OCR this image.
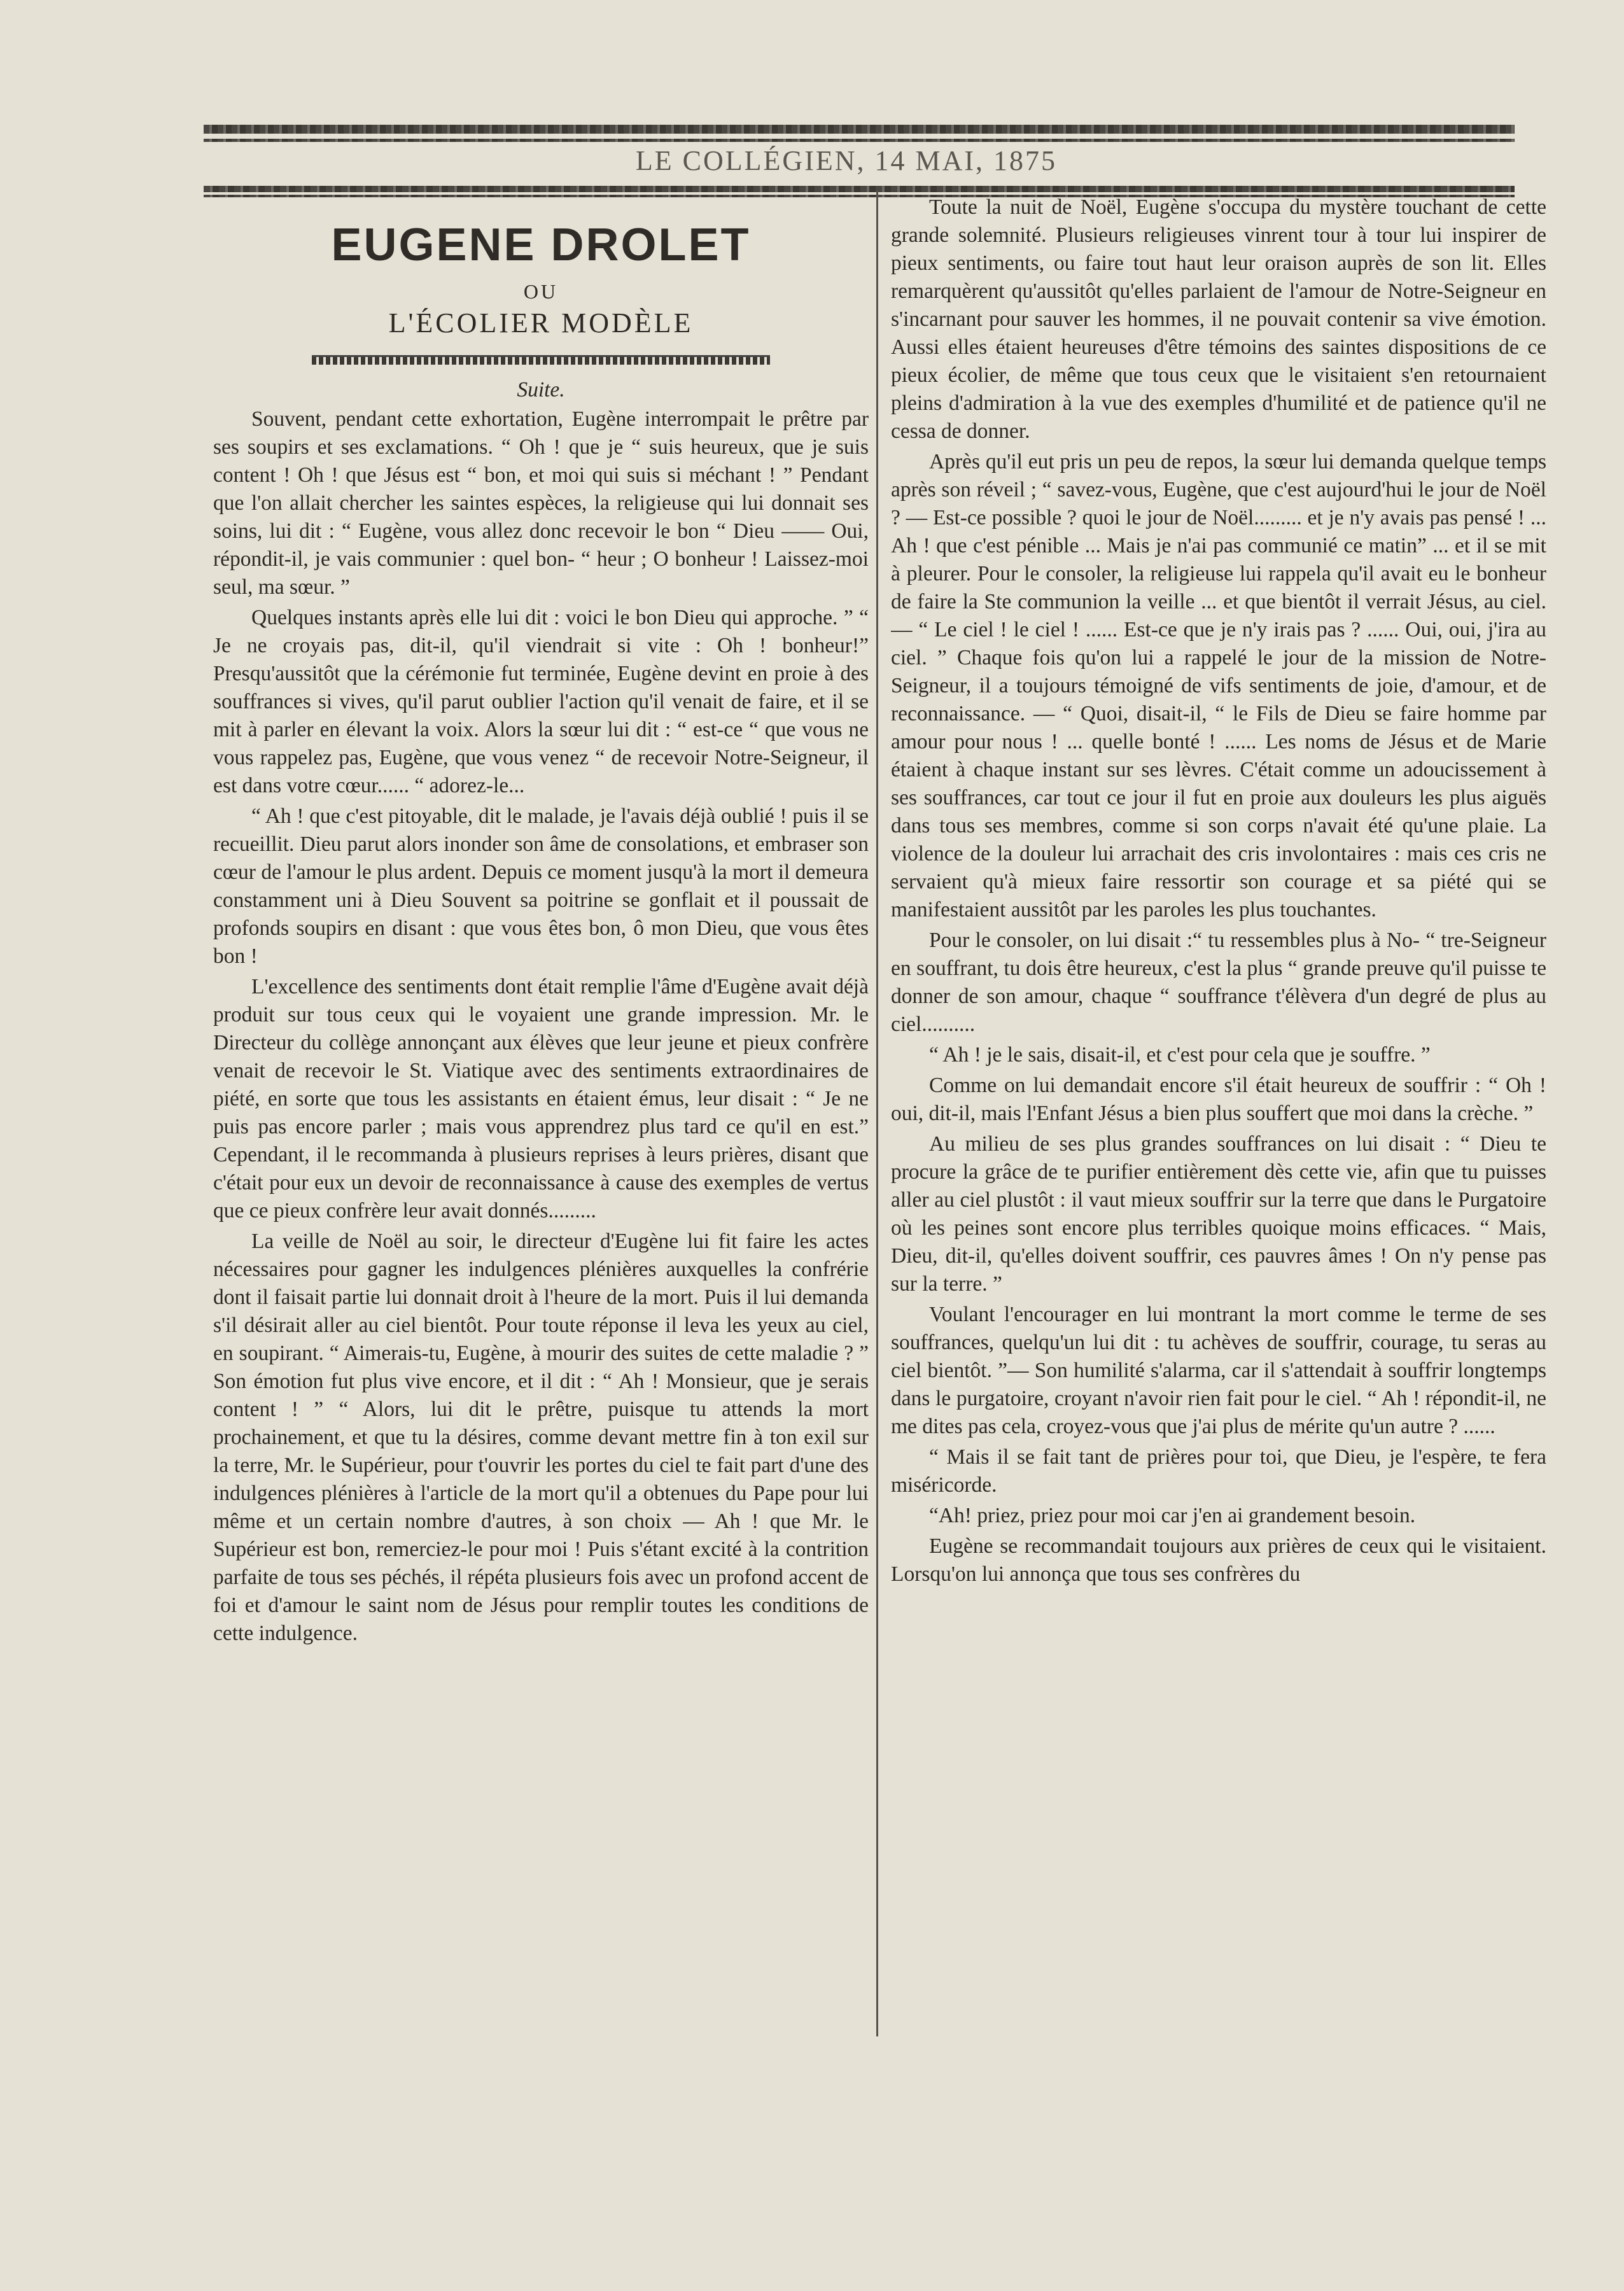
LE COLLÉGIEN, 14 MAI, 1875
EUGENE DROLET
OU
L'ÉCOLIER MODÈLE
Suite.
Souvent, pendant cette exhortation, Eugène interrompait le prêtre par ses soupirs et ses exclamations. “ Oh ! que je “ suis heureux, que je suis content ! Oh ! que Jésus est “ bon, et moi qui suis si méchant ! ” Pendant que l'on allait chercher les saintes espèces, la religieuse qui lui donnait ses soins, lui dit : “ Eugène, vous allez donc recevoir le bon “ Dieu —— Oui, répondit-il, je vais communier : quel bon- “ heur ; O bonheur ! Laissez-moi seul, ma sœur. ”
Quelques instants après elle lui dit : voici le bon Dieu qui approche. ” “ Je ne croyais pas, dit-il, qu'il viendrait si vite : Oh ! bonheur!” Presqu'aussitôt que la cérémonie fut terminée, Eugène devint en proie à des souffrances si vives, qu'il parut oublier l'action qu'il venait de faire, et il se mit à parler en élevant la voix. Alors la sœur lui dit : “ est-ce “ que vous ne vous rappelez pas, Eugène, que vous venez “ de recevoir Notre-Seigneur, il est dans votre cœur...... “ adorez-le...
“ Ah ! que c'est pitoyable, dit le malade, je l'avais déjà oublié ! puis il se recueillit. Dieu parut alors inonder son âme de consolations, et embraser son cœur de l'amour le plus ardent. Depuis ce moment jusqu'à la mort il demeura constamment uni à Dieu Souvent sa poitrine se gonflait et il poussait de profonds soupirs en disant : que vous êtes bon, ô mon Dieu, que vous êtes bon !
L'excellence des sentiments dont était remplie l'âme d'Eugène avait déjà produit sur tous ceux qui le voyaient une grande impression. Mr. le Directeur du collège annonçant aux élèves que leur jeune et pieux confrère venait de recevoir le St. Viatique avec des sentiments extraordinaires de piété, en sorte que tous les assistants en étaient émus, leur disait : “ Je ne puis pas encore parler ; mais vous apprendrez plus tard ce qu'il en est.” Cependant, il le recommanda à plusieurs reprises à leurs prières, disant que c'était pour eux un devoir de reconnaissance à cause des exemples de vertus que ce pieux confrère leur avait donnés.........
La veille de Noël au soir, le directeur d'Eugène lui fit faire les actes nécessaires pour gagner les indulgences plénières auxquelles la confrérie dont il faisait partie lui donnait droit à l'heure de la mort. Puis il lui demanda s'il désirait aller au ciel bientôt. Pour toute réponse il leva les yeux au ciel, en soupirant. “ Aimerais-tu, Eugène, à mourir des suites de cette maladie ? ” Son émotion fut plus vive encore, et il dit : “ Ah ! Monsieur, que je serais content ! ” “ Alors, lui dit le prêtre, puisque tu attends la mort prochainement, et que tu la désires, comme devant mettre fin à ton exil sur la terre, Mr. le Supérieur, pour t'ouvrir les portes du ciel te fait part d'une des indulgences plénières à l'article de la mort qu'il a obtenues du Pape pour lui même et un certain nombre d'autres, à son choix — Ah ! que Mr. le Supérieur est bon, remerciez-le pour moi ! Puis s'étant excité à la contrition parfaite de tous ses péchés, il répéta plusieurs fois avec un profond accent de foi et d'amour le saint nom de Jésus pour remplir toutes les conditions de cette indulgence.
Toute la nuit de Noël, Eugène s'occupa du mystère touchant de cette grande solemnité. Plusieurs religieuses vinrent tour à tour lui inspirer de pieux sentiments, ou faire tout haut leur oraison auprès de son lit. Elles remarquèrent qu'aussitôt qu'elles parlaient de l'amour de Notre-Seigneur en s'incarnant pour sauver les hommes, il ne pouvait contenir sa vive émotion. Aussi elles étaient heureuses d'être témoins des saintes dispositions de ce pieux écolier, de même que tous ceux que le visitaient s'en retournaient pleins d'admiration à la vue des exemples d'humilité et de patience qu'il ne cessa de donner.
Après qu'il eut pris un peu de repos, la sœur lui demanda quelque temps après son réveil ; “ savez-vous, Eugène, que c'est aujourd'hui le jour de Noël ? — Est-ce possible ? quoi le jour de Noël......... et je n'y avais pas pensé ! ... Ah ! que c'est pénible ... Mais je n'ai pas communié ce matin” ... et il se mit à pleurer. Pour le consoler, la religieuse lui rappela qu'il avait eu le bonheur de faire la Ste communion la veille ... et que bientôt il verrait Jésus, au ciel. — “ Le ciel ! le ciel ! ...... Est-ce que je n'y irais pas ? ...... Oui, oui, j'ira au ciel. ” Chaque fois qu'on lui a rappelé le jour de la mission de Notre-Seigneur, il a toujours témoigné de vifs sentiments de joie, d'amour, et de reconnaissance. — “ Quoi, disait-il, “ le Fils de Dieu se faire homme par amour pour nous ! ... quelle bonté ! ...... Les noms de Jésus et de Marie étaient à chaque instant sur ses lèvres. C'était comme un adoucissement à ses souffrances, car tout ce jour il fut en proie aux douleurs les plus aiguës dans tous ses membres, comme si son corps n'avait été qu'une plaie. La violence de la douleur lui arrachait des cris involontaires : mais ces cris ne servaient qu'à mieux faire ressortir son courage et sa piété qui se manifestaient aussitôt par les paroles les plus touchantes.
Pour le consoler, on lui disait :“ tu ressembles plus à No- “ tre-Seigneur en souffrant, tu dois être heureux, c'est la plus “ grande preuve qu'il puisse te donner de son amour, chaque “ souffrance t'élèvera d'un degré de plus au ciel..........
“ Ah ! je le sais, disait-il, et c'est pour cela que je souffre. ”
Comme on lui demandait encore s'il était heureux de souffrir : “ Oh ! oui, dit-il, mais l'Enfant Jésus a bien plus souffert que moi dans la crèche. ”
Au milieu de ses plus grandes souffrances on lui disait : “ Dieu te procure la grâce de te purifier entièrement dès cette vie, afin que tu puisses aller au ciel plustôt : il vaut mieux souffrir sur la terre que dans le Purgatoire où les peines sont encore plus terribles quoique moins efficaces. “ Mais, Dieu, dit-il, qu'elles doivent souffrir, ces pauvres âmes ! On n'y pense pas sur la terre. ”
Voulant l'encourager en lui montrant la mort comme le terme de ses souffrances, quelqu'un lui dit : tu achèves de souffrir, courage, tu seras au ciel bientôt. ”— Son humilité s'alarma, car il s'attendait à souffrir longtemps dans le purgatoire, croyant n'avoir rien fait pour le ciel. “ Ah ! répondit-il, ne me dites pas cela, croyez-vous que j'ai plus de mérite qu'un autre ? ......
“ Mais il se fait tant de prières pour toi, que Dieu, je l'espère, te fera miséricorde.
“Ah! priez, priez pour moi car j'en ai grandement besoin.
Eugène se recommandait toujours aux prières de ceux qui le visitaient. Lorsqu'on lui annonça que tous ses confrères du
